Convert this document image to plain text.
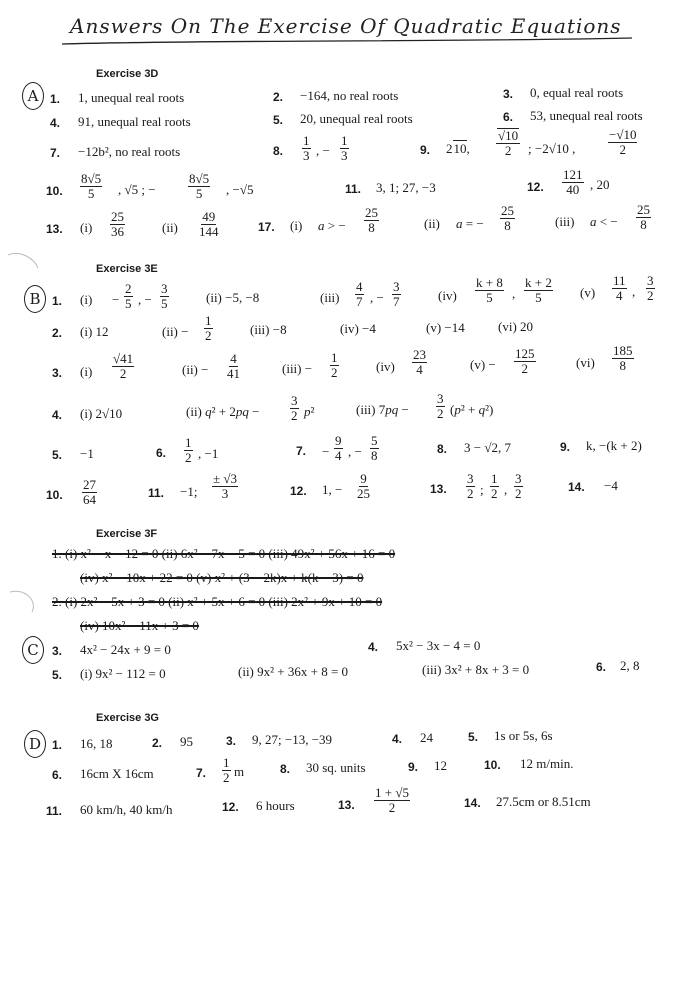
Answers On The Exercise Of Quadratic Equations
A
Exercise 3D
1. 1, unequal real roots	2. −164, no real roots	3. 0, equal real roots
4. 91, unequal real roots	5. 20, unequal real roots	6. 53, unequal real roots
7. −12b², no real roots	8. $\frac{1}{3}$ , − $\frac{1}{3}$	9. 210, $\frac{√10}{2}$ ; −2√10 ,	$\frac{-√10}{2}$
10. $\frac{8√5}{5}$ , √5 ; − $\frac{8√5}{5}$ , −√5	11. 3, 1; 27, −3	12. $\frac{121}{40}$ , 20
13. $(i) \frac{25}{36}$	$(ii) \frac{49}{144}$	17. (i) a > − $\frac{25}{8}$	(ii) a = − $\frac{25}{8}$	(iii) a < − $\frac{25}{8}$
B
Exercise 3E
1. $(i) - \frac{2}{5}$ , − $\frac{3}{5}$	(ii) −5, −8	$(iii) \frac{4}{7}$ , − $\frac{3}{7}$	$(iv) \frac{k + 8}{5}$ , $\frac{k + 2}{5} (v) \frac{11}{4}$ , $\frac{3}{2}$
2. (i) 12	$(ii) - \frac{1}{2}$	(iii) −8	(iv) −4	(v) −14	(vi) 20
3. $(i) \frac{√41}{2}$	$(ii) - \frac{4}{41}$	$(iii) - \frac{1}{2}$	$(iv) \frac{23}{4}$	$(v) - \frac{125}{2}$	$(vi) \frac{185}{8}$
4. (i) 2√10	(ii) $q^2 + 2pq - \frac{3}{2} p^2$	(iii) $7pq - \frac{3}{2} (p^2 + q^2)$
5. −1	6. $\frac{1}{2}$ , −1	7. − $\frac{9}{4}$ , − $\frac{5}{8}$	8. 3 − √2, 7	9. k, −(k + 2)
10. $\frac{27}{64}$	11. −1; $\frac{\pm √3}{3}$	12. 1, − $\frac{9}{25}$	13. $\frac{3}{2}$ ; $\frac{1}{2}$ , $\frac{3}{2}$	14. −4
Exercise 3F
1. (i) x² − x − 12 = 0 (ii) 6x² − 7x − 5 = 0 (iii) 49x² + 56x + 16 = 0
(iv) x² − 10x + 22 = 0 (v) x² + (3 − 2k)x + k(k − 3) = 0
2. (i) 2x² − 5x + 3 = 0 (ii) x² + 5x + 6 = 0 (iii) 2x² + 9x + 10 = 0
(iv) 10x² − 11x + 3 = 0
C	3. 4x² − 24x + 9 = 0	4. 5x² − 3x − 4 = 0
5. (i) 9x² − 112 = 0	(ii) 9x² + 36x + 8 = 0	(iii) 3x² + 8x + 3 = 0	6. 2, 8
Exercise 3G
D 1. 16, 18	2. 95	3. 9, 27; −13, −39	4. 24	5. 1s or 5s, 6s
6. 16cm X 16cm	7. $\frac{1}{2}$ m	8. 30 sq. units	9. 12	10. 12 m/min.
11. 60 km/h, 40 km/h	12. 6 hours	13. $\frac{1 + √5}{2}$	14. 27.5cm or 8.51cm
